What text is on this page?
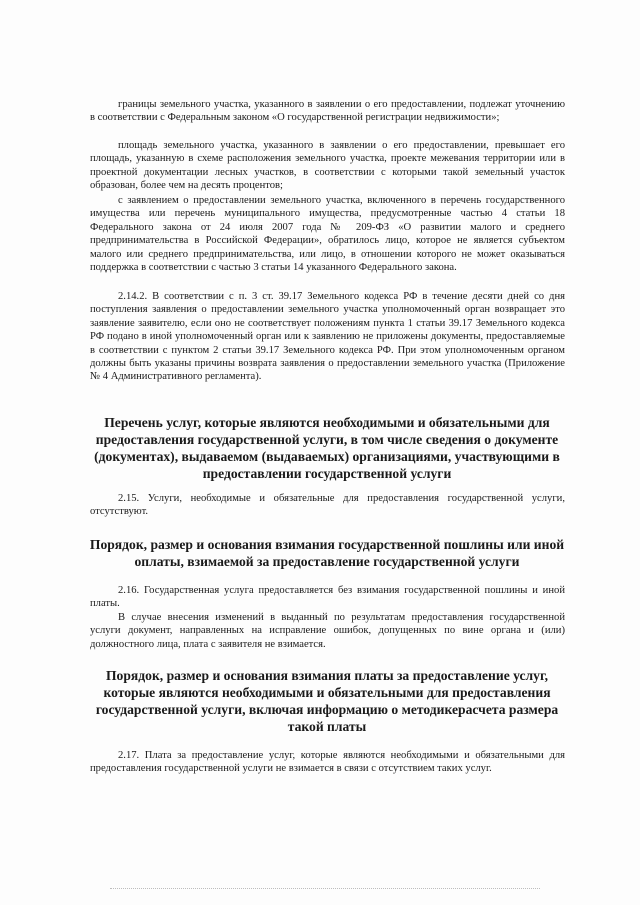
границы земельного участка, указанного в заявлении о его предоставлении, подлежат уточнению в соответствии с Федеральным законом «О государственной регистрации недвижимости»;

площадь земельного участка, указанного в заявлении о его предоставлении, превышает его площадь, указанную в схеме расположения земельного участка, проекте межевания территории или в проектной документации лесных участков, в соответствии с которыми такой земельный участок образован, более чем на десять процентов;

с заявлением о предоставлении земельного участка, включенного в перечень государственного имущества или перечень муниципального имущества, предусмотренные частью 4 статьи 18 Федерального закона от 24 июля 2007 года № 209-ФЗ «О развитии малого и среднего предпринимательства в Российской Федерации», обратилось лицо, которое не является субъектом малого или среднего предпринимательства, или лицо, в отношении которого не может оказываться поддержка в соответствии с частью 3 статьи 14 указанного Федерального закона.

2.14.2. В соответствии с п. 3 ст. 39.17 Земельного кодекса РФ в течение десяти дней со дня поступления заявления о предоставлении земельного участка уполномоченный орган возвращает это заявление заявителю, если оно не соответствует положениям пункта 1 статьи 39.17 Земельного кодекса РФ подано в иной уполномоченный орган или к заявлению не приложены документы, предоставляемые в соответствии с пунктом 2 статьи 39.17 Земельного кодекса РФ. При этом уполномоченным органом должны быть указаны причины возврата заявления о предоставлении земельного участка (Приложение № 4 Административного регламента).

Перечень услуг, которые являются необходимыми и обязательными для предоставления государственной услуги, в том числе сведения о документе (документах), выдаваемом (выдаваемых) организациями, участвующими в предоставлении государственной услуги

2.15. Услуги, необходимые и обязательные для предоставления государственной услуги, отсутствуют.

Порядок, размер и основания взимания государственной пошлины или иной оплаты, взимаемой за предоставление государственной услуги

2.16. Государственная услуга предоставляется без взимания государственной пошлины и иной платы.

В случае внесения изменений в выданный по результатам предоставления государственной услуги документ, направленных на исправление ошибок, допущенных по вине органа и (или) должностного лица, плата с заявителя не взимается.

Порядок, размер и основания взимания платы за предоставление услуг, которые являются необходимыми и обязательными для предоставления государственной услуги, включая информацию о методикерасчета размера такой платы

2.17. Плата за предоставление услуг, которые являются необходимыми и обязательными для предоставления государственной услуги не взимается в связи с отсутствием таких услуг.
